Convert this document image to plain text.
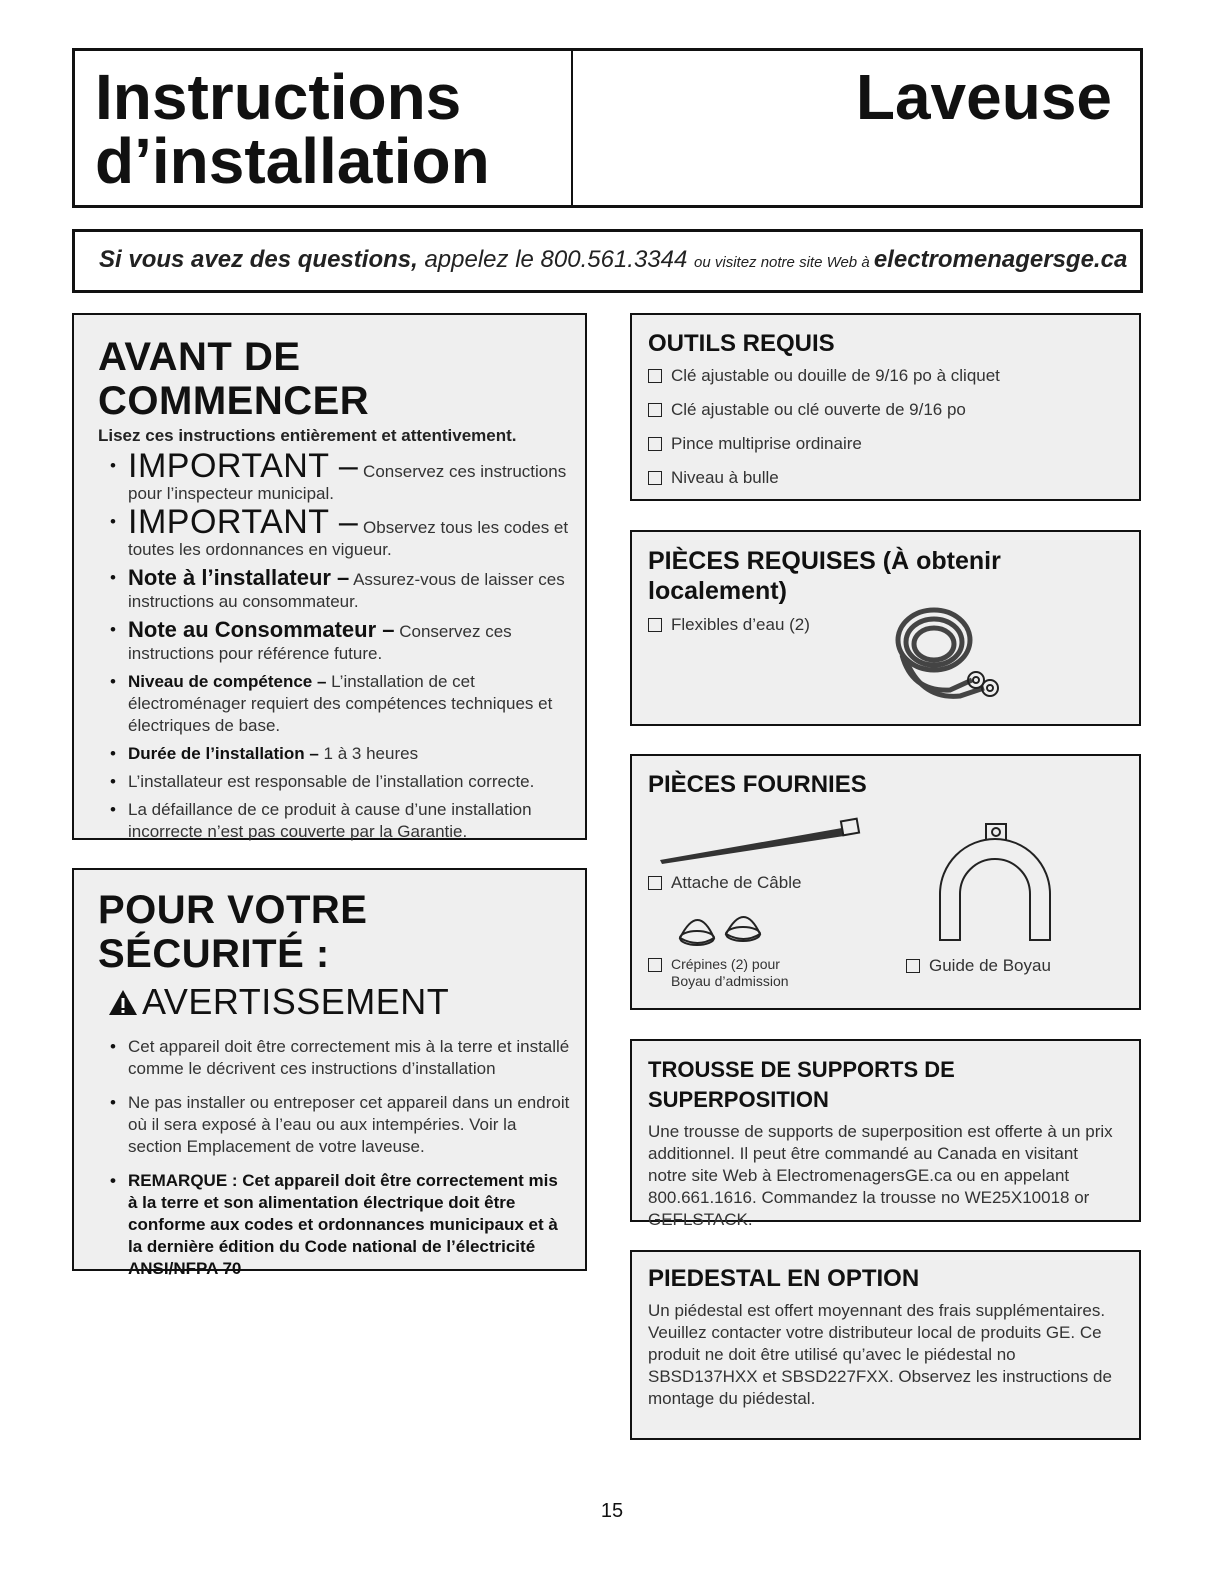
Instructions
d’installation
Laveuse
Si vous avez des questions, appelez le 800.561.3344 ou visitez notre site Web à electromenagersge.ca
AVANT DE COMMENCER
Lisez ces instructions entièrement et attentivement.
• IMPORTANT – Conservez ces instructions pour l’inspecteur municipal.
• IMPORTANT – Observez tous les codes et toutes les ordonnances en vigueur.
• Note à l’installateur – Assurez-vous de laisser ces instructions au consommateur.
• Note au Consommateur – Conservez ces instructions pour référence future.
• Niveau de compétence – L’installation de cet électroménager requiert des compétences techniques et électriques de base.
• Durée de l’installation – 1 à 3 heures
• L’installateur est responsable de l’installation correcte.
• La défaillance de ce produit à cause d’une installation incorrecte n’est pas couverte par la Garantie.
POUR VOTRE SÉCURITÉ :
AVERTISSEMENT
• Cet appareil doit être correctement mis à la terre et installé comme le décrivent ces instructions d’installation
• Ne pas installer ou entreposer cet appareil dans un endroit où il sera exposé à l’eau ou aux intempéries. Voir la section Emplacement de votre laveuse.
• REMARQUE : Cet appareil doit être correctement mis à la terre et son alimentation électrique doit être conforme aux codes et ordonnances municipaux et à la dernière édition du Code national de l’électricité ANSI/NFPA 70
OUTILS REQUIS
Clé ajustable ou douille de 9/16 po à cliquet
Clé ajustable ou clé ouverte de 9/16 po
Pince multiprise ordinaire
Niveau à bulle
PIÈCES REQUISES (À obtenir localement)
Flexibles d’eau (2)
PIÈCES FOURNIES
Attache de Câble
Crépines (2) pour
Boyau d’admission
Guide de Boyau
TROUSSE DE SUPPORTS DE SUPERPOSITION
Une trousse de supports de superposition est offerte à un prix additionnel. Il peut être commandé au Canada en visitant notre site Web à ElectromenagersGE.ca ou en appelant 800.661.1616. Commandez la trousse no WE25X10018 or GEFLSTACK.
PIEDESTAL EN OPTION
Un piédestal est offert moyennant des frais supplémentaires. Veuillez contacter votre distributeur local de produits GE. Ce produit ne doit être utilisé qu’avec le piédestal no SBSD137HXX et SBSD227FXX. Observez les instructions de montage du piédestal.
15
